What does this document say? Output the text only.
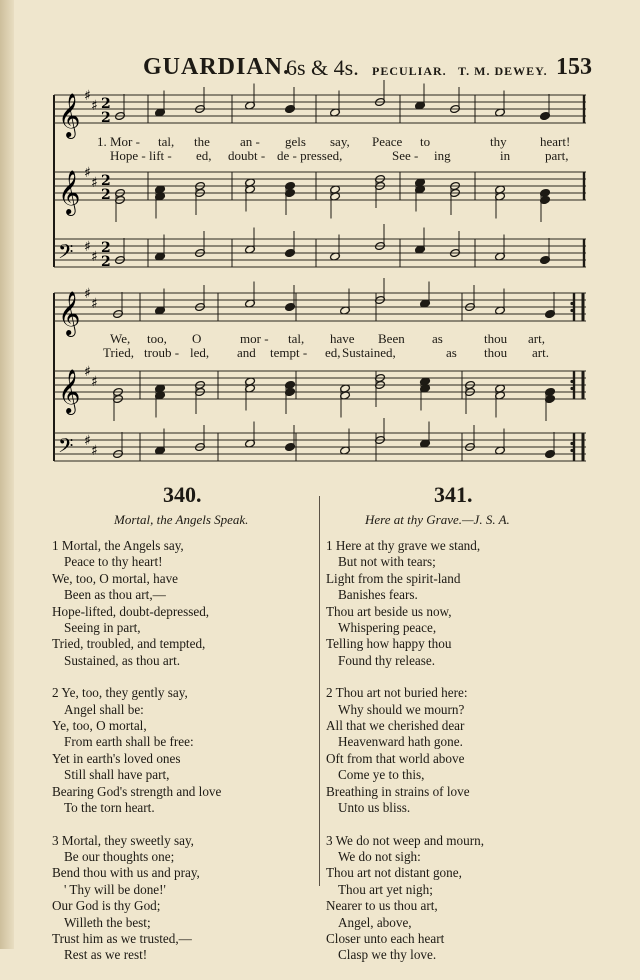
GUARDIAN.
6s & 4s. PECULIAR. T. M. DEWEY. 153
𝄞 ♯
♯ 2
2
𝄞 ♯
♯ 2
2
𝄢 ♯
♯
2
2
𝄞 ♯
♯
𝄞 ♯
♯
𝄢 ♯
♯
1. Mor - tal, the an - gels say, Peace to	thy	heart!
Hope - lift - ed, doubt - de - pressed,	See - ing	in	part,
We, too, O	mor - tal, have Been as	thou art,
Tried, troub - led, and tempt - ed, Sustained,	as thou art.
340.
Mortal, the Angels Speak.
341.
Here at thy Grave.—J. S. A.
1 Mortal, the Angels say,
Peace to thy heart!
We, too, O mortal, have
Been as thou art,—
Hope-lifted, doubt-depressed,
Seeing in part,
Tried, troubled, and tempted,
Sustained, as thou art.
2 Ye, too, they gently say,
Angel shall be:
Ye, too, O mortal,
From earth shall be free:
Yet in earth's loved ones
Still shall have part,
Bearing God's strength and love
To the torn heart.
3 Mortal, they sweetly say,
Be our thoughts one;
Bend thou with us and pray,
' Thy will be done!'
Our God is thy God;
Willeth the best;
Trust him as we trusted,—
Rest as we rest!
1 Here at thy grave we stand,
But not with tears;
Light from the spirit-land
Banishes fears.
Thou art beside us now,
Whispering peace,
Telling how happy thou
Found thy release.
2 Thou art not buried here:
Why should we mourn?
All that we cherished dear
Heavenward hath gone.
Oft from that world above
Come ye to this,
Breathing in strains of love
Unto us bliss.
3 We do not weep and mourn,
We do not sigh:
Thou art not distant gone,
Thou art yet nigh;
Nearer to us thou art,
Angel, above,
Closer unto each heart
Clasp we thy love.
